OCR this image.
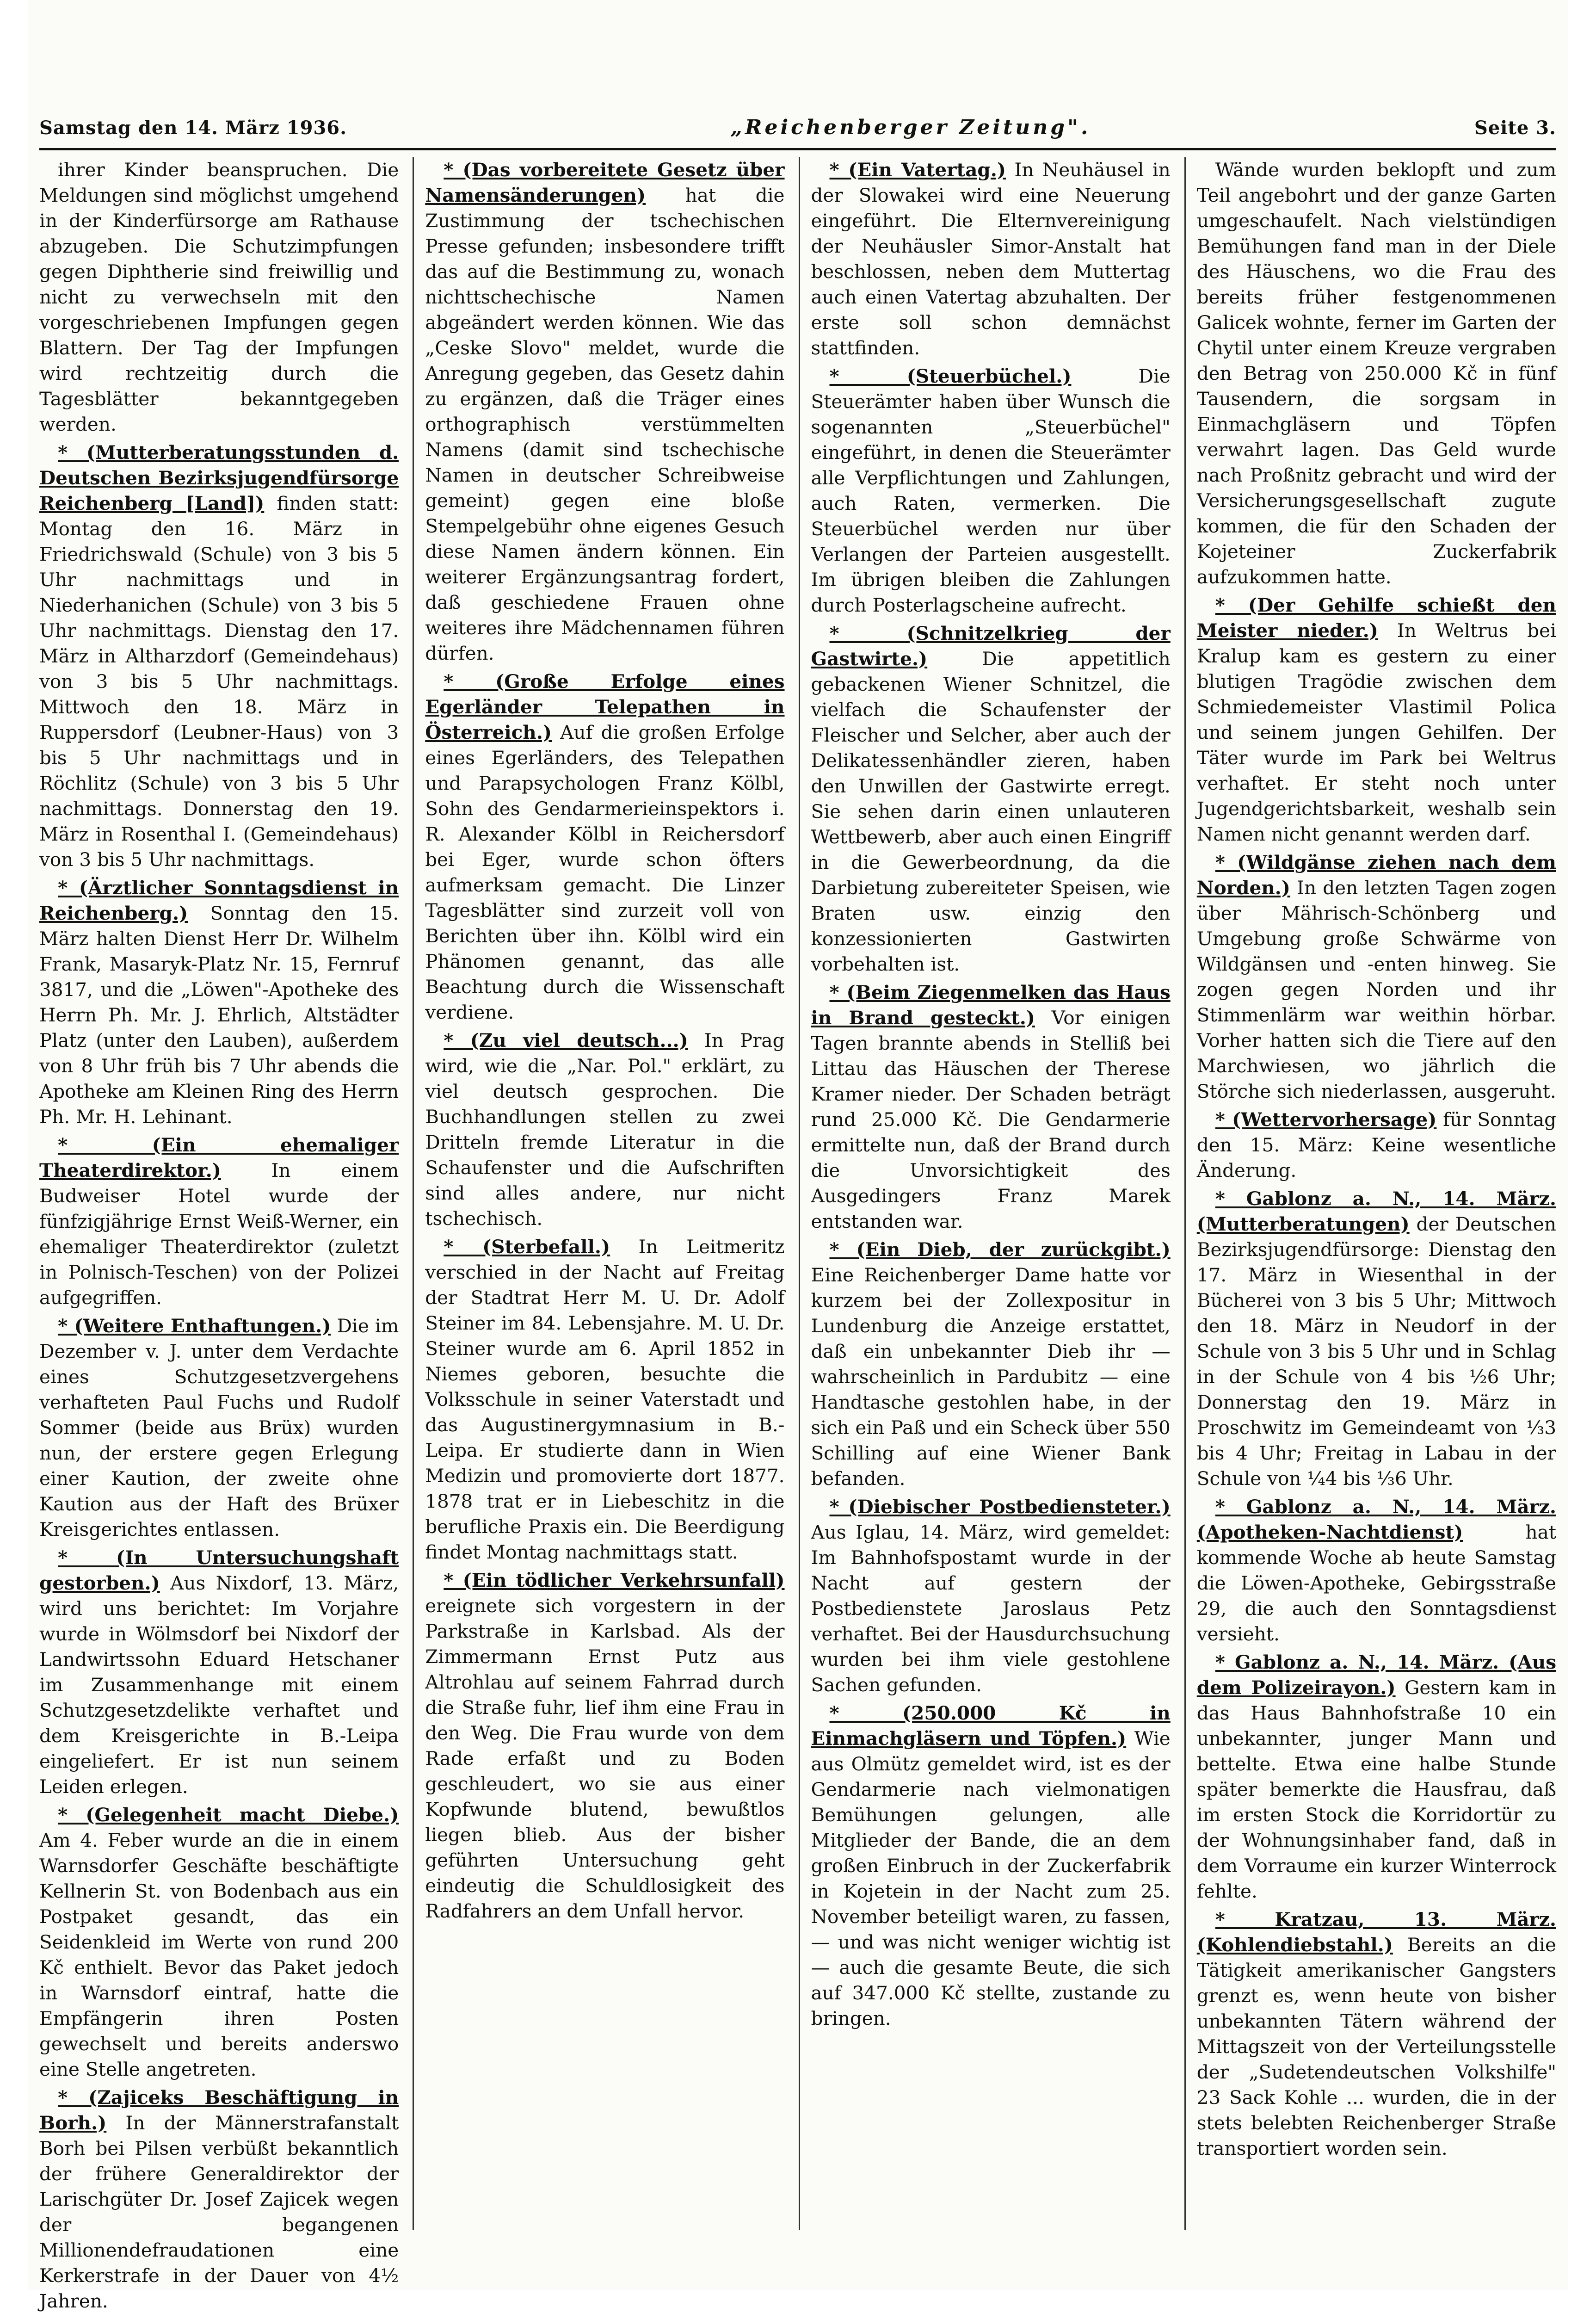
Samstag den 14. März 1936.	„Reichenberger Zeitung".	Seite 3.

ihrer Kinder beanspruchen. Die Meldungen sind möglichst umgehend in der Kinderfürsorge am Rathause abzugeben. Die Schutzimpfungen gegen Diphtherie sind freiwillig und nicht zu verwechseln mit den vorgeschriebenen Impfungen gegen Blattern. Der Tag der Impfungen wird rechtzeitig durch die Tagesblätter bekanntgegeben werden.

* (Mutterberatungsstunden d. Deutschen Bezirksjugendfürsorge Reichenberg [Land]) finden statt: Montag den 16. März in Friedrichswald (Schule) von 3 bis 5 Uhr nachmittags und in Niederhanichen (Schule) von 3 bis 5 Uhr nachmittags. Dienstag den 17. März in Altharzdorf (Gemeindehaus) von 3 bis 5 Uhr nachmittags. Mittwoch den 18. März in Ruppersdorf (Leubner-Haus) von 3 bis 5 Uhr nachmittags und in Röchlitz (Schule) von 3 bis 5 Uhr nachmittags. Donnerstag den 19. März in Rosenthal I. (Gemeindehaus) von 3 bis 5 Uhr nachmittags.

* (Ärztlicher Sonntagsdienst in Reichenberg.) Sonntag den 15. März halten Dienst Herr Dr. Wilhelm Frank, Masaryk-Platz Nr. 15, Fernruf 3817, und die „Löwen"-Apotheke des Herrn Ph. Mr. J. Ehrlich, Altstädter Platz (unter den Lauben), außerdem von 8 Uhr früh bis 7 Uhr abends die Apotheke am Kleinen Ring des Herrn Ph. Mr. H. Lehinant.

* (Ein ehemaliger Theaterdirektor.)	In einem Budweiser Hotel wurde der fünfzigjährige Ernst Weiß-Werner, ein ehemaliger Theaterdirektor (zuletzt in Polnisch-Teschen) von der Polizei aufgegriffen.

* (Weitere Enthaftungen.) Die im Dezember v. J. unter dem Verdachte eines Schutzgesetzvergehens verhafteten Paul Fuchs und Rudolf Sommer (beide aus Brüx) wurden nun, der erstere gegen Erlegung einer Kaution, der zweite ohne Kaution aus der Haft des Brüxer Kreisgerichtes entlassen.

* (In Untersuchungshaft gestorben.) Aus Nixdorf, 13. März, wird uns berichtet: Im Vorjahre wurde in Wölmsdorf bei Nixdorf der Landwirtssohn Eduard Hetschaner im Zusammenhange mit einem Schutzgesetzdelikte verhaftet und dem Kreisgerichte in B.-Leipa eingeliefert. Er ist nun seinem Leiden erlegen.

* (Gelegenheit macht Diebe.) Am 4. Feber wurde an die in einem Warnsdorfer Geschäfte beschäftigte Kellnerin St. von Bodenbach aus ein Postpaket gesandt, das ein Seidenkleid im Werte von rund 200 Kč enthielt. Bevor das Paket jedoch in Warnsdorf eintraf, hatte die Empfängerin ihren Posten gewechselt und bereits anderswo eine Stelle angetreten.

* (Zajiceks Beschäftigung in Borh.) In der Männerstrafanstalt Borh bei Pilsen verbüßt bekanntlich der frühere Generaldirektor der Larischgüter Dr. Josef Zajicek wegen der begangenen Millionendefraudationen eine Kerkerstrafe in der Dauer von 4½ Jahren.

* (Das vorbereitete Gesetz über Namensänderungen) hat die Zustimmung der tschechischen Presse gefunden; insbesondere trifft das auf die Bestimmung zu, wonach nichttschechische Namen abgeändert werden können. Wie das „Ceske Slovo" meldet, wurde die Anregung gegeben, das Gesetz dahin zu ergänzen, daß die Träger eines orthographisch verstümmelten Namens (damit sind tschechische Namen in deutscher Schreibweise gemeint) gegen eine bloße Stempelgebühr ohne eigenes Gesuch diese Namen ändern können. Ein weiterer Ergänzungsantrag fordert, daß geschiedene Frauen ohne weiteres ihre Mädchennamen führen dürfen.

* (Große Erfolge eines Egerländer Telepathen in Österreich.) Auf die großen Erfolge eines Egerländers, des Telepathen und Parapsychologen Franz Kölbl, Sohn des Gendarmerieinspektors i. R. Alexander Kölbl in Reichersdorf bei Eger, wurde schon öfters aufmerksam gemacht. Die Linzer Tagesblätter sind zurzeit voll von Berichten über ihn. Kölbl wird ein Phänomen genannt, das alle Beachtung durch die Wissenschaft verdiene.

* (Zu viel deutsch...) In Prag wird, wie die „Nar. Pol." erklärt, zu viel deutsch gesprochen. Die Buchhandlungen stellen zu zwei Dritteln fremde Literatur in die Schaufenster und die Aufschriften sind alles andere, nur nicht tschechisch.

* (Sterbefall.) In Leitmeritz verschied in der Nacht auf Freitag der Stadtrat Herr M. U. Dr. Adolf Steiner im 84. Lebensjahre. M. U. Dr. Steiner wurde am 6. April 1852 in Niemes geboren, besuchte die Volksschule in seiner Vaterstadt und das Augustinergymnasium in B.-Leipa. Er studierte dann in Wien Medizin und promovierte dort 1877. 1878 trat er in Liebeschitz in die berufliche Praxis ein. Die Beerdigung findet Montag nachmittags statt.

* (Ein tödlicher Verkehrsunfall) ereignete sich vorgestern in der Parkstraße in Karlsbad. Als der Zimmermann Ernst Putz aus Altrohlau auf seinem Fahrrad durch die Straße fuhr, lief ihm eine Frau in den Weg. Die Frau wurde von dem Rade erfaßt und zu Boden geschleudert, wo sie aus einer Kopfwunde blutend, bewußtlos liegen blieb. Aus der bisher geführten Untersuchung geht eindeutig die Schuldlosigkeit des Radfahrers an dem Unfall hervor.

* (Ein Vatertag.) In Neuhäusel in der Slowakei wird eine Neuerung eingeführt. Die Elternvereinigung der Neuhäusler Simor-Anstalt hat beschlossen, neben dem Muttertag auch einen Vatertag abzuhalten. Der erste soll schon demnächst stattfinden.

* (Steuerbüchel.)	Die Steuerämter haben über Wunsch die sogenannten „Steuerbüchel" eingeführt, in denen die Steuerämter alle Verpflichtungen und Zahlungen, auch Raten, vermerken. Die Steuerbüchel werden nur über Verlangen der Parteien ausgestellt. Im übrigen bleiben die Zahlungen durch Posterlagscheine aufrecht.

* (Schnitzelkrieg der Gastwirte.)	Die appetitlich gebackenen Wiener Schnitzel, die vielfach die Schaufenster der Fleischer und Selcher, aber auch der Delikatessenhändler zieren, haben den Unwillen der Gastwirte erregt. Sie sehen darin einen unlauteren Wettbewerb, aber auch einen Eingriff in die Gewerbeordnung, da die Darbietung zubereiteter Speisen, wie Braten usw. einzig den konzessionierten Gastwirten vorbehalten ist.

* (Beim Ziegenmelken das Haus in Brand gesteckt.) Vor einigen Tagen brannte abends in Stelliß bei Littau das Häuschen der Therese Kramer nieder. Der Schaden beträgt rund 25.000 Kč. Die Gendarmerie ermittelte nun, daß der Brand durch die Unvorsichtigkeit des Ausgedingers Franz Marek entstanden war.

* (Ein Dieb, der zurückgibt.) Eine Reichenberger Dame hatte vor kurzem bei der Zollexpositur in Lundenburg die Anzeige erstattet, daß ein unbekannter Dieb ihr — wahrscheinlich in Pardubitz — eine Handtasche gestohlen habe, in der sich ein Paß und ein Scheck über 550 Schilling auf eine Wiener Bank befanden.

* (Diebischer Postbediensteter.) Aus Iglau, 14. März, wird gemeldet: Im Bahnhofspostamt wurde in der Nacht auf gestern der Postbedienstete Jaroslaus Petz verhaftet. Bei der Hausdurchsuchung wurden bei ihm viele gestohlene Sachen gefunden.

* (250.000 Kč in Einmachgläsern und Töpfen.) Wie aus Olmütz gemeldet wird, ist es der Gendarmerie nach vielmonatigen Bemühungen gelungen, alle Mitglieder der Bande, die an dem großen Einbruch in der Zuckerfabrik in Kojetein in der Nacht zum 25. November beteiligt waren, zu fassen, — und was nicht weniger wichtig ist — auch die gesamte Beute, die sich auf 347.000 Kč stellte, zustande zu bringen.

Wände wurden beklopft und zum Teil angebohrt und der ganze Garten umgeschaufelt. Nach vielstündigen Bemühungen fand man in der Diele des Häuschens, wo die Frau des bereits früher festgenommenen Galicek wohnte, ferner im Garten der Chytil unter einem Kreuze vergraben den Betrag von 250.000 Kč in fünf Tausendern, die sorgsam in Einmachgläsern und Töpfen verwahrt lagen. Das Geld wurde nach Proßnitz gebracht und wird der Versicherungsgesellschaft zugute kommen, die für den Schaden der Kojeteiner Zuckerfabrik aufzukommen hatte.

* (Der Gehilfe schießt den Meister nieder.) In Weltrus bei Kralup kam es gestern zu einer blutigen Tragödie zwischen dem Schmiedemeister Vlastimil Polica und seinem jungen Gehilfen. Der Täter wurde im Park bei Weltrus verhaftet. Er steht noch unter Jugendgerichtsbarkeit, weshalb sein Namen nicht genannt werden darf.

* (Wildgänse ziehen nach dem Norden.) In den letzten Tagen zogen über Mährisch-Schönberg und Umgebung große Schwärme von Wildgänsen und -enten hinweg. Sie zogen gegen Norden und ihr Stimmenlärm war weithin hörbar. Vorher hatten sich die Tiere auf den Marchwiesen, wo jährlich die Störche sich niederlassen, ausgeruht.

* (Wettervorhersage) für Sonntag den 15. März: Keine wesentliche Änderung.

* Gablonz a. N., 14. März. (Mutterberatungen) der Deutschen Bezirksjugendfürsorge: Dienstag den 17. März in Wiesenthal in der Bücherei von 3 bis 5 Uhr; Mittwoch den 18. März in Neudorf in der Schule von 3 bis 5 Uhr und in Schlag in der Schule von 4 bis ½6 Uhr; Donnerstag den 19. März in Proschwitz im Gemeindeamt von ⅓3 bis 4 Uhr; Freitag in Labau in der Schule von ¼4 bis ⅓6 Uhr.

* Gablonz a. N., 14. März. (Apotheken-Nachtdienst)	hat kommende Woche ab heute Samstag die Löwen-Apotheke, Gebirgsstraße 29, die auch den Sonntagsdienst versieht.

* Gablonz a. N., 14. März. (Aus dem Polizeirayon.) Gestern kam in das Haus Bahnhofstraße 10 ein unbekannter, junger Mann und bettelte. Etwa eine halbe Stunde später bemerkte die Hausfrau, daß im ersten Stock die Korridortür zu der Wohnungsinhaber fand, daß in dem Vorraume ein kurzer Winterrock fehlte.

* Kratzau, 13. März. (Kohlendiebstahl.) Bereits an die Tätigkeit amerikanischer Gangsters grenzt es, wenn heute von bisher unbekannten Tätern während der Mittagszeit von der Verteilungsstelle der „Sudetendeutschen Volkshilfe" 23 Sack Kohle ... wurden, die in der stets belebten Reichenberger Straße transportiert worden sein.
